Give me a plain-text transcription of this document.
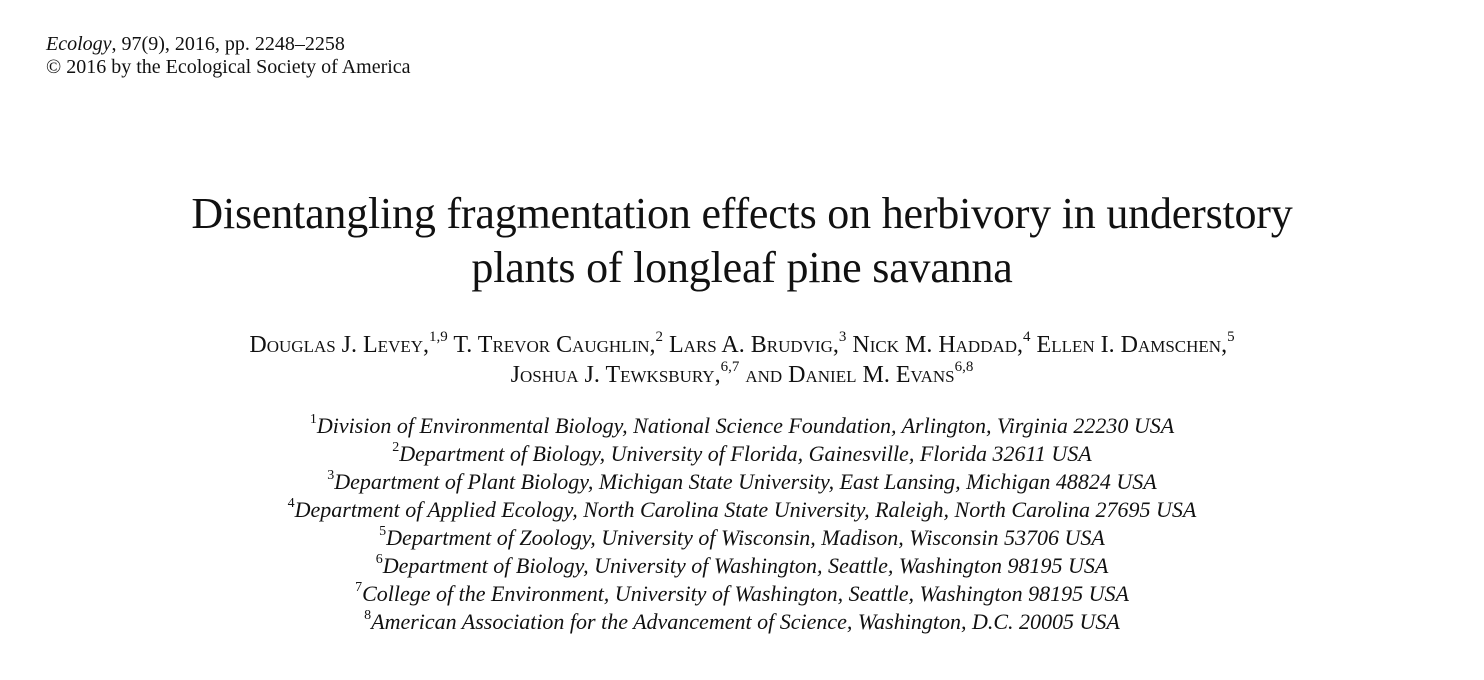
Ecology, 97(9), 2016, pp. 2248–2258
© 2016 by the Ecological Society of America
Disentangling fragmentation effects on herbivory in understory
plants of longleaf pine savanna
Douglas J. Levey,$^{1,9}$ T. Trevor Caughlin,$^2$ Lars A. Brudvig,$^3$ Nick M. Haddad,$^4$ Ellen I. Damschen,$^5$
Joshua J. Tewksbury,$^{6,7}$ and Daniel M. Evans$^{6,8}$
$^1$Division of Environmental Biology, National Science Foundation, Arlington, Virginia 22230 USA
$^2$Department of Biology, University of Florida, Gainesville, Florida 32611 USA
$^3$Department of Plant Biology, Michigan State University, East Lansing, Michigan 48824 USA
$^4$Department of Applied Ecology, North Carolina State University, Raleigh, North Carolina 27695 USA
$^5$Department of Zoology, University of Wisconsin, Madison, Wisconsin 53706 USA
$^6$Department of Biology, University of Washington, Seattle, Washington 98195 USA
$^7$College of the Environment, University of Washington, Seattle, Washington 98195 USA
$^8$American Association for the Advancement of Science, Washington, D.C. 20005 USA
